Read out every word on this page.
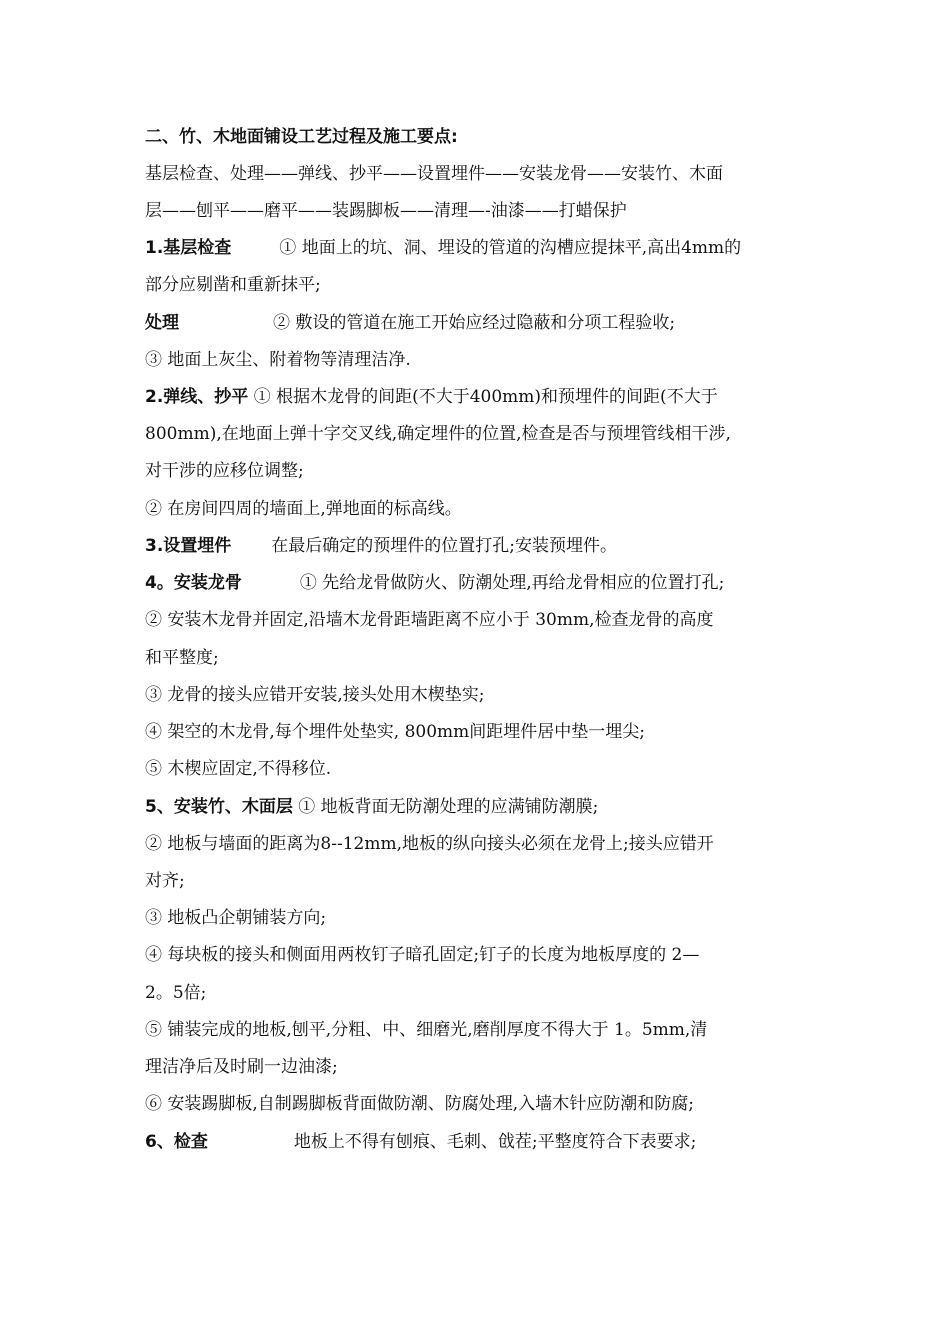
二、竹、木地面铺设工艺过程及施工要点:
基层检查、处理——弹线、抄平——设置埋件——安装龙骨——安装竹、木面
层——刨平——磨平——装踢脚板——清理—-油漆——打蜡保护
1.基层检查	① 地面上的坑、洞、埋设的管道的沟槽应提抹平,高出4mm的
部分应剔凿和重新抹平;
处理	② 敷设的管道在施工开始应经过隐蔽和分项工程验收;
③ 地面上灰尘、附着物等清理洁净.
2.弹线、抄平 ① 根据木龙骨的间距(不大于400mm)和预埋件的间距(不大于
800mm),在地面上弹十字交叉线,确定埋件的位置,检查是否与预埋管线相干涉,
对干涉的应移位调整;
② 在房间四周的墙面上,弹地面的标高线。
3.设置埋件 在最后确定的预埋件的位置打孔;安装预埋件。
4。安装龙骨	① 先给龙骨做防火、防潮处理,再给龙骨相应的位置打孔;
② 安装木龙骨并固定,沿墙木龙骨距墙距离不应小于 30mm,检查龙骨的高度
和平整度;
③ 龙骨的接头应错开安装,接头处用木楔垫实;
④ 架空的木龙骨,每个埋件处垫实, 800mm间距埋件居中垫一埋尖;
⑤ 木楔应固定,不得移位.
5、安装竹、木面层 ① 地板背面无防潮处理的应满铺防潮膜;
② 地板与墙面的距离为8--12mm,地板的纵向接头必须在龙骨上;接头应错开
对齐;
③ 地板凸企朝铺装方向;
④ 每块板的接头和侧面用两枚钉子暗孔固定;钉子的长度为地板厚度的 2—
2。5倍;
⑤ 铺装完成的地板,刨平,分粗、中、细磨光,磨削厚度不得大于 1。5mm,清
理洁净后及时刷一边油漆;
⑥ 安装踢脚板,自制踢脚板背面做防潮、防腐处理,入墙木针应防潮和防腐;
6、检查	地板上不得有刨痕、毛刺、戗茬;平整度符合下表要求;
